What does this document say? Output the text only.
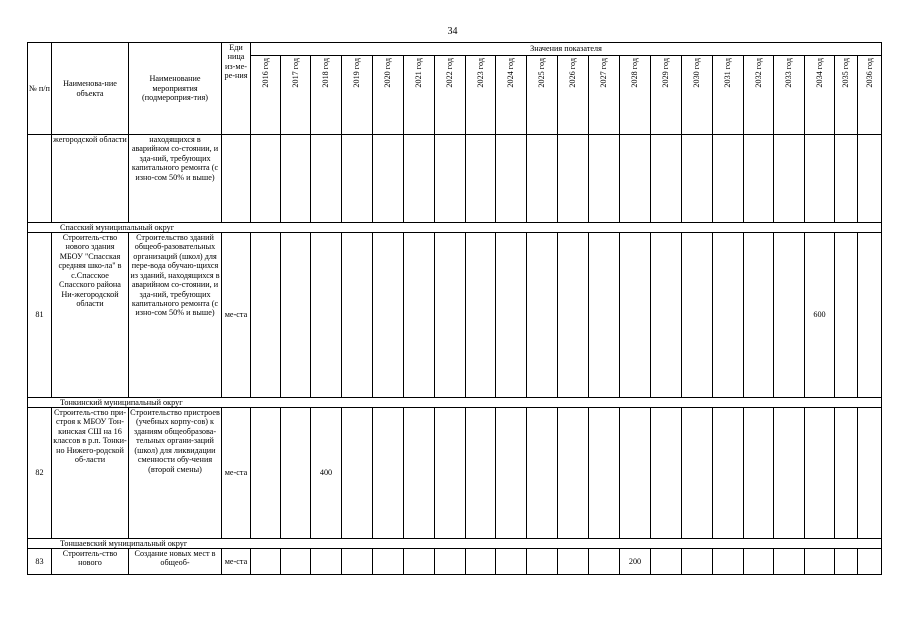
34
№ п/п	Наименова-ние объекта	Наименование мероприятия (подмероприя-тия)	Еди ница из-ме-ре-ния	Значения показателя																				

				2016 год	2017 год	2018 год	2019 год	2020 год	2021 год	2022 год	2023 год	2024 год	2025 год	2026 год	2027 год	2028 год	2029 год	2030 год	2031 год	2032 год	2033 год	2034 год	2035 год	2036 год

	жегородской области	находящихся в аварийном со-стоянии, и зда-ний, требующих капитального ремонта (с изно-сом 50% и выше)																						
Спасский муниципальный округ																								
81	Строитель-ство нового здания МБОУ "Спасская средняя шко-ла" в с.Спасское Спасского района Ни-жегородской области	Строительство зданий общеоб-разовательных организаций (школ) для пере-вода обучаю-щихся из зданий, находящихся в аварийном со-стоянии, и зда-ний, требующих капитального ремонта (с изно-сом 50% и выше)	ме-ста																			600		
Тонкинский муниципальный округ																								
82	Строитель-ство при-строя к МБОУ Тон-кинская СШ на 16 классов в р.п. Тонки-но Нижего-родской об-ласти	Строительство пристроев (учебных корпу-сов) к зданиям общеобразова-тельных органи-заций (школ) для ликвидации сменности обу-чения (второй смены)	ме-ста			400																		
Тоншаевский муниципальный округ																								
83	Строитель-ство нового	Создание новых мест в общеоб-	ме-ста													200								
